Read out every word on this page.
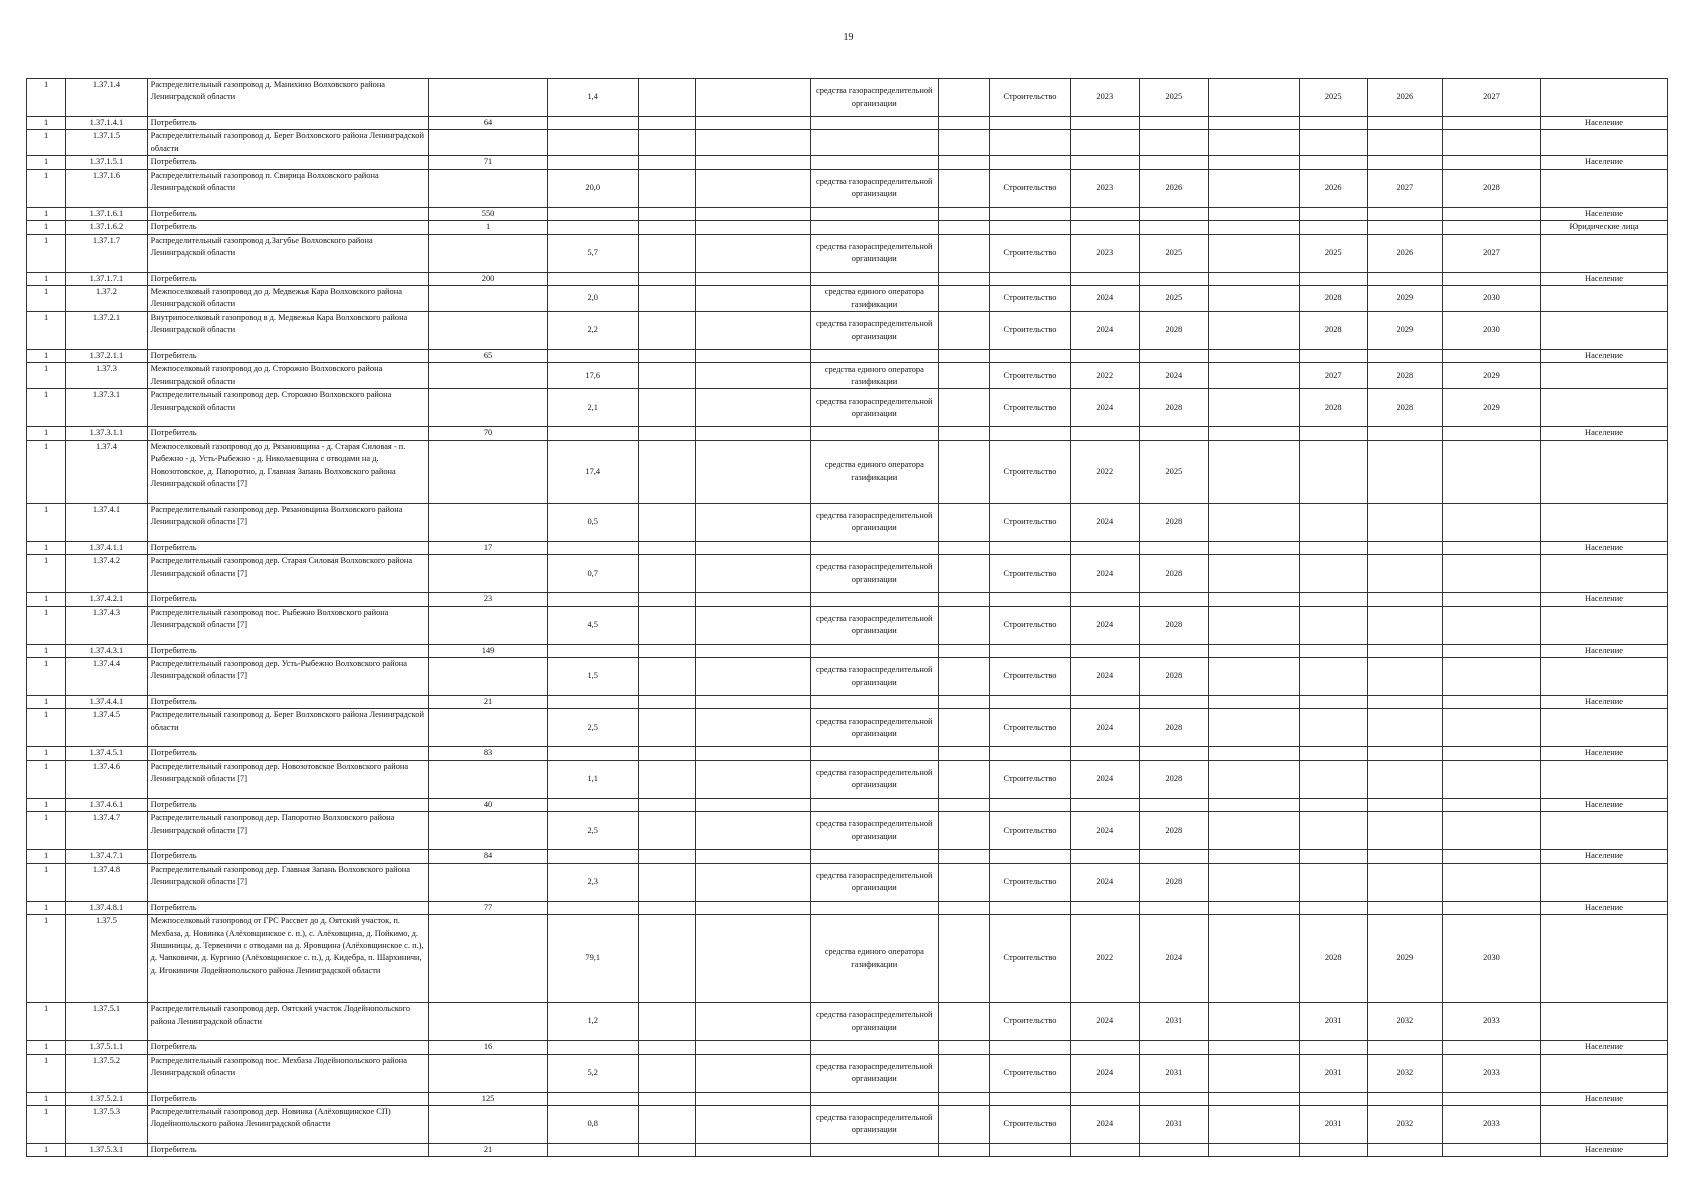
19
1	1.37.1.4	Распределительный газопровод д. Манихино Волховского района Ленинградской области		1,4			средства газораспределительной организации		Строительство	2023	2025		2025	2026	2027	
1	1.37.1.4.1	Потребитель	64													Население
1	1.37.1.5	Распределительный газопровод д. Берег Волховского района Ленинградской области														
1	1.37.1.5.1	Потребитель	71													Население
1	1.37.1.6	Распределительный газопровод п. Свирица Волховского района Ленинградской области		20,0			средства газораспределительной организации		Строительство	2023	2026		2026	2027	2028	
1	1.37.1.6.1	Потребитель	550													Население
1	1.37.1.6.2	Потребитель	1													Юридические лица
1	1.37.1.7	Распределительный газопровод д.Загубье Волховского района Ленинградской области		5,7			средства газораспределительной организации		Строительство	2023	2025		2025	2026	2027	
1	1.37.1.7.1	Потребитель	200													Население
1	1.37.2	Межпоселковый газопровод до д. Медвежья Кара Волховского района Ленинградской области		2,0			средства единого оператора газификации		Строительство	2024	2025		2028	2029	2030	
1	1.37.2.1	Внутрипоселковый газопровод в д. Медвежья Кара Волховского района Ленинградской области		2,2			средства газораспределительной организации		Строительство	2024	2028		2028	2029	2030	
1	1.37.2.1.1	Потребитель	65													Население
1	1.37.3	Межпоселковый газопровод до д. Сторожно Волховского района Ленинградской области		17,6			средства единого оператора газификации		Строительство	2022	2024		2027	2028	2029	
1	1.37.3.1	Распределительный газопровод дер. Сторожно Волховского района Ленинградской области		2,1			средства газораспределительной организации		Строительство	2024	2028		2028	2028	2029	
1	1.37.3.1.1	Потребитель	70													Население
1	1.37.4	Межпоселковый газопровод до д. Рязановщина - д. Старая Силовая - п. Рыбежно - д. Усть-Рыбежно - д. Николаевщина с отводами на д. Новозотовское, д. Папоротно, д. Главная Запань Волховского района Ленинградской области [7]		17,4			средства единого оператора газификации		Строительство	2022	2025					
1	1.37.4.1	Распределительный газопровод дер. Рязановщина Волховского района Ленинградской области [7]		0,5			средства газораспределительной организации		Строительство	2024	2028					
1	1.37.4.1.1	Потребитель	17													Население
1	1.37.4.2	Распределительный газопровод дер. Старая Силовая Волховского района Ленинградской области [7]		0,7			средства газораспределительной организации		Строительство	2024	2028					
1	1.37.4.2.1	Потребитель	23													Население
1	1.37.4.3	Распределительный газопровод пос. Рыбежно Волховского района Ленинградской области [7]		4,5			средства газораспределительной организации		Строительство	2024	2028					
1	1.37.4.3.1	Потребитель	149													Население
1	1.37.4.4	Распределительный газопровод дер. Усть-Рыбежно Волховского района Ленинградской области [7]		1,5			средства газораспределительной организации		Строительство	2024	2028					
1	1.37.4.4.1	Потребитель	21													Население
1	1.37.4.5	Распределительный газопровод д. Берег Волховского района Ленинградской области		2,5			средства газораспределительной организации		Строительство	2024	2028					
1	1.37.4.5.1	Потребитель	83													Население
1	1.37.4.6	Распределительный газопровод дер. Новозотовское Волховского района Ленинградской области [7]		1,1			средства газораспределительной организации		Строительство	2024	2028					
1	1.37.4.6.1	Потребитель	40													Население
1	1.37.4.7	Распределительный газопровод дер. Папоротно Волховского района Ленинградской области [7]		2,5			средства газораспределительной организации		Строительство	2024	2028					
1	1.37.4.7.1	Потребитель	84													Население
1	1.37.4.8	Распределительный газопровод дер. Главная Запань Волховского района Ленинградской области [7]		2,3			средства газораспределительной организации		Строительство	2024	2028					
1	1.37.4.8.1	Потребитель	77													Население
1	1.37.5	Межпоселковый газопровод от ГРС Рассвет до д. Оятский участок, п. Мехбаза, д. Новинка (Алёховщинское с. п.), с. Алёховщина, д. Пойкимо, д. Яншиницы, д. Тервеничи с отводами на д. Яровщина (Алёховщинское с. п.), д. Чапковичи, д. Кургино (Алёховщинское с. п.), д. Кидебра, п. Шархиничи, д. Игокиничи Лодейнопольского района Ленинградской области		79,1			средства единого оператора газификации		Строительство	2022	2024		2028	2029	2030	
1	1.37.5.1	Распределительный газопровод дер. Оятский участок Лодейнопольского района Ленинградской области		1,2			средства газораспределительной организации		Строительство	2024	2031		2031	2032	2033	
1	1.37.5.1.1	Потребитель	16													Население
1	1.37.5.2	Распределительный газопровод пос. Мехбаза Лодейнопольского района Ленинградской области		5,2			средства газораспределительной организации		Строительство	2024	2031		2031	2032	2033	
1	1.37.5.2.1	Потребитель	125													Население
1	1.37.5.3	Распределительный газопровод дер. Новинка (Алёховщинское СП) Лодейнопольского района Ленинградской области		0,8			средства газораспределительной организации		Строительство	2024	2031		2031	2032	2033	
1	1.37.5.3.1	Потребитель	21													Население
